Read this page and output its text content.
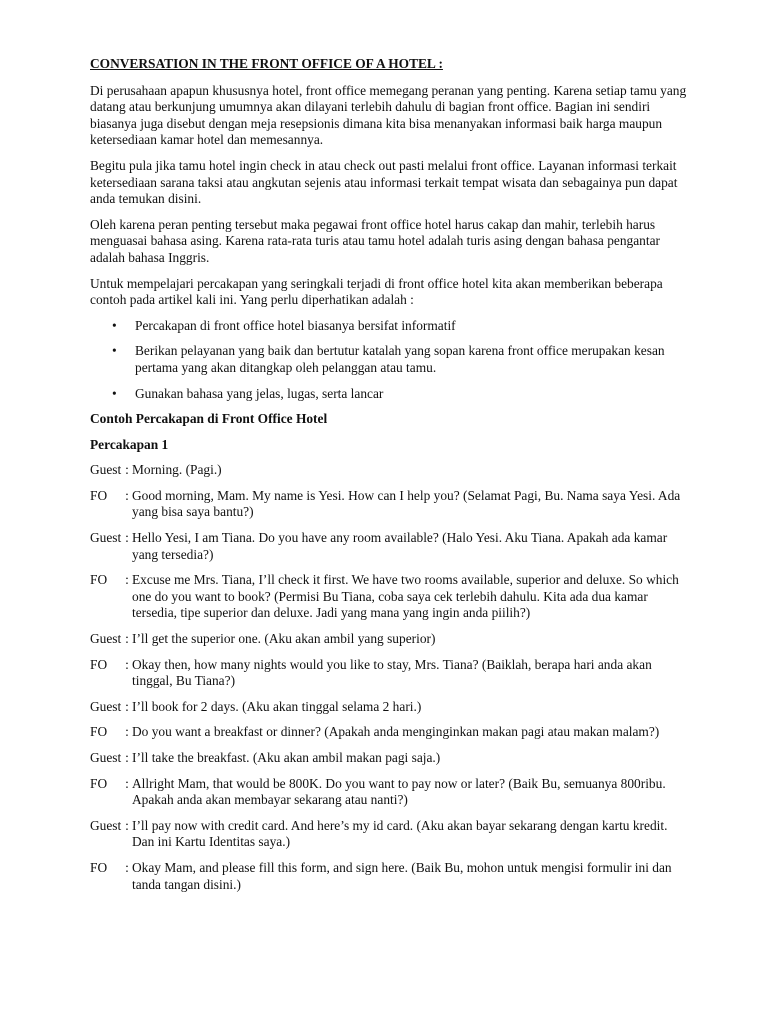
CONVERSATION IN THE FRONT OFFICE OF A HOTEL :

Di perusahaan apapun khususnya hotel, front office memegang peranan yang penting. Karena setiap tamu yang datang atau berkunjung umumnya akan dilayani terlebih dahulu di bagian front office. Bagian ini sendiri biasanya juga disebut dengan meja resepsionis dimana kita bisa menanyakan informasi baik harga maupun ketersediaan kamar hotel dan memesannya.

Begitu pula jika tamu hotel ingin check in atau check out pasti melalui front office. Layanan informasi terkait ketersediaan sarana taksi atau angkutan sejenis atau informasi terkait tempat wisata dan sebagainya pun dapat anda temukan disini.

Oleh karena peran penting tersebut maka pegawai front office hotel harus cakap dan mahir, terlebih harus menguasai bahasa asing. Karena rata-rata turis atau tamu hotel adalah turis asing dengan bahasa pengantar adalah bahasa Inggris.

Untuk mempelajari percakapan yang seringkali terjadi di front office hotel kita akan memberikan beberapa contoh pada artikel kali ini. Yang perlu diperhatikan adalah :

• Percakapan di front office hotel biasanya bersifat informatif
• Berikan pelayanan yang baik dan bertutur katalah yang sopan karena front office merupakan kesan pertama yang akan ditangkap oleh pelanggan atau tamu.
• Gunakan bahasa yang jelas, lugas, serta lancar

Contoh Percakapan di Front Office Hotel

Percakapan 1

Guest : Morning. (Pagi.)
FO	: Good morning, Mam. My name is Yesi. How can I help you? (Selamat Pagi, Bu. Nama saya Yesi. Ada yang bisa saya bantu?)
Guest : Hello Yesi, I am Tiana. Do you have any room available? (Halo Yesi. Aku Tiana. Apakah ada kamar yang tersedia?)
FO	: Excuse me Mrs. Tiana, I’ll check it first. We have two rooms available, superior and deluxe. So which one do you want to book? (Permisi Bu Tiana, coba saya cek terlebih dahulu. Kita ada dua kamar tersedia, tipe superior dan deluxe. Jadi yang mana yang ingin anda piilih?)
Guest : I’ll get the superior one. (Aku akan ambil yang superior)
FO	: Okay then, how many nights would you like to stay, Mrs. Tiana? (Baiklah, berapa hari anda akan tinggal, Bu Tiana?)
Guest : I’ll book for 2 days. (Aku akan tinggal selama 2 hari.)
FO	: Do you want a breakfast or dinner? (Apakah anda menginginkan makan pagi atau makan malam?)
Guest : I’ll take the breakfast. (Aku akan ambil makan pagi saja.)
FO	: Allright Mam, that would be 800K. Do you want to pay now or later? (Baik Bu, semuanya 800ribu. Apakah anda akan membayar sekarang atau nanti?)
Guest : I’ll pay now with credit card. And here’s my id card. (Aku akan bayar sekarang dengan kartu kredit. Dan ini Kartu Identitas saya.)
FO	: Okay Mam, and please fill this form, and sign here. (Baik Bu, mohon untuk mengisi formulir ini dan tanda tangan disini.)
